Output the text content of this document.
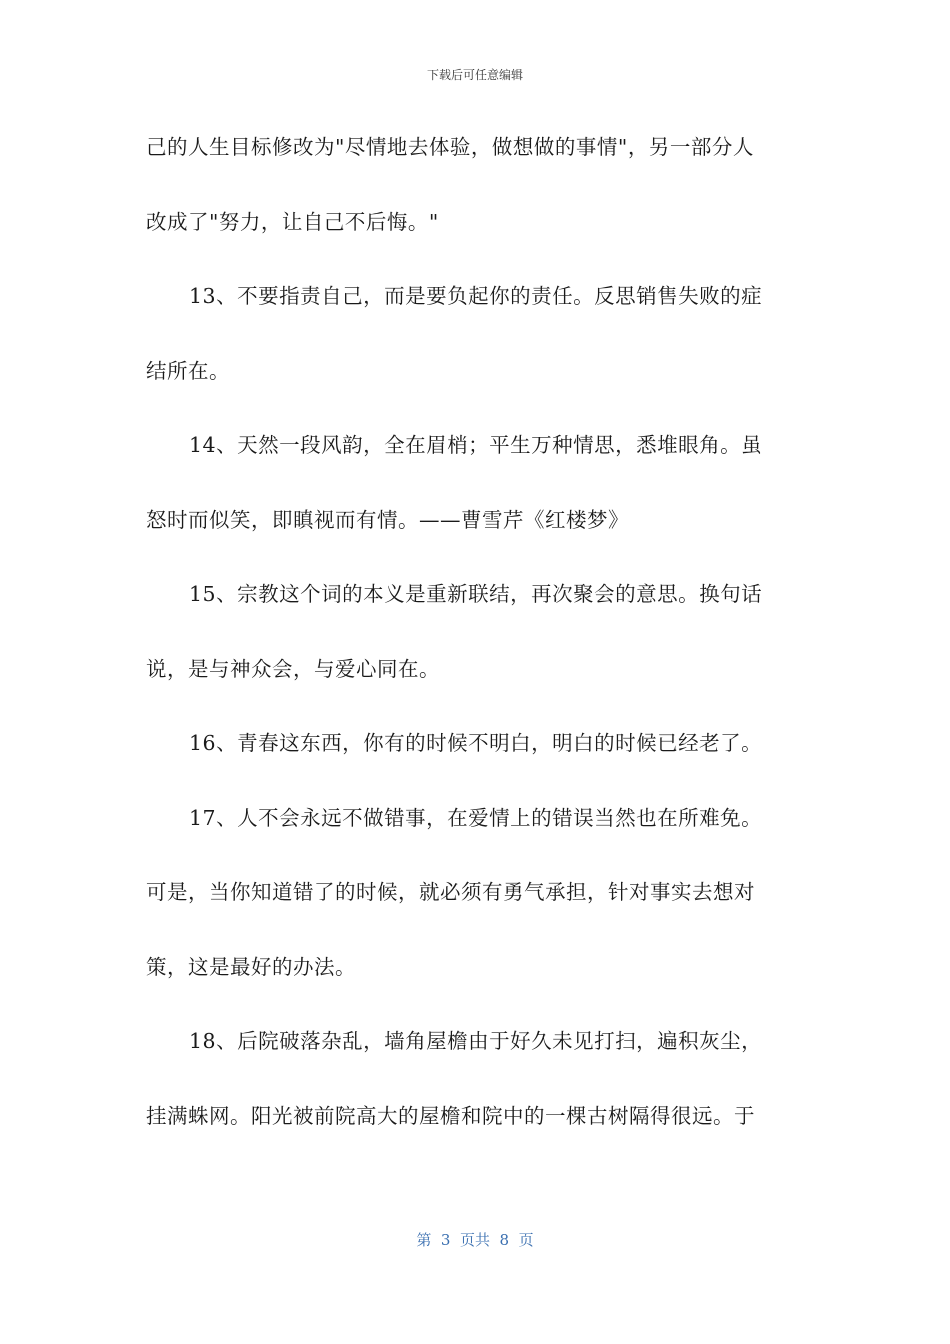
下载后可任意编辑
己的人生目标修改为"尽情地去体验，做想做的事情"，另一部分人
改成了"努力，让自己不后悔。"
13、不要指责自己，而是要负起你的责任。反思销售失败的症
结所在。
14、天然一段风韵，全在眉梢；平生万种情思，悉堆眼角。虽
怒时而似笑，即瞋视而有情。——曹雪芹《红楼梦》
15、宗教这个词的本义是重新联结，再次聚会的意思。换句话
说，是与神众会，与爱心同在。
16、青春这东西，你有的时候不明白，明白的时候已经老了。
17、人不会永远不做错事，在爱情上的错误当然也在所难免。
可是，当你知道错了的时候，就必须有勇气承担，针对事实去想对
策，这是最好的办法。
18、后院破落杂乱，墙角屋檐由于好久未见打扫，遍积灰尘，
挂满蛛网。阳光被前院高大的屋檐和院中的一棵古树隔得很远。于
第  3  页共  8  页
